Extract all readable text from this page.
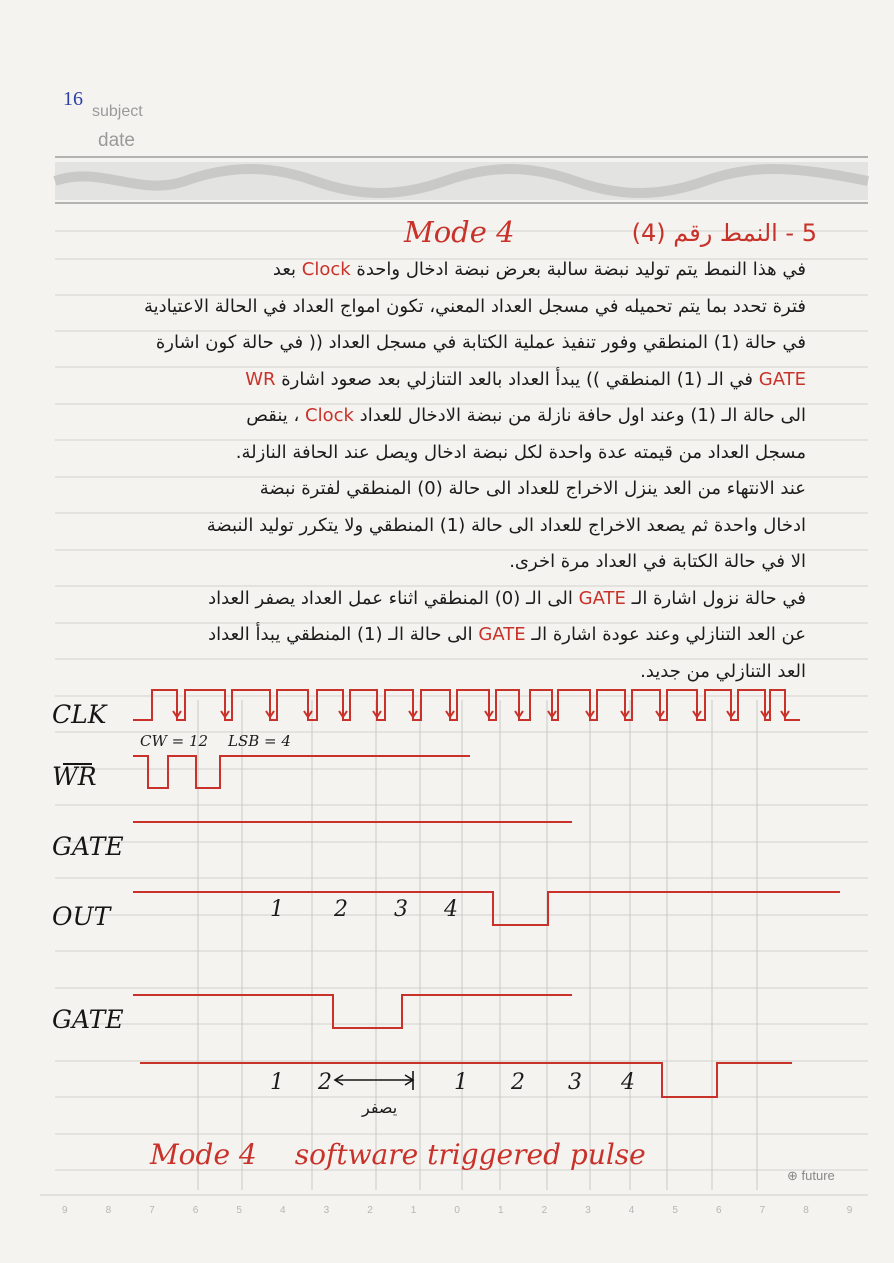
16
subject
date
Mode 4	5 - النمط رقم (4)
في هذا النمط يتم توليد نبضة سالبة بعرض نبضة ادخال واحدة Clock بعد
فترة تحدد بما يتم تحميله في مسجل العداد المعني، تكون امواج العداد في الحالة الاعتيادية
في حالة (1) المنطقي وفور تنفيذ عملية الكتابة في مسجل العداد (( في حالة كون اشارة
GATE في الـ (1) المنطقي )) يبدأ العداد بالعد التنازلي بعد صعود اشارة WR
الى حالة الـ (1) وعند اول حافة نازلة من نبضة الادخال للعداد Clock ، ينقص
مسجل العداد من قيمته عدة واحدة لكل نبضة ادخال ويصل عند الحافة النازلة.
عند الانتهاء من العد ينزل الاخراج للعداد الى حالة (0) المنطقي لفترة نبضة
ادخال واحدة ثم يصعد الاخراج للعداد الى حالة (1) المنطقي ولا يتكرر توليد النبضة
الا في حالة الكتابة في العداد مرة اخرى.
في حالة نزول اشارة الـ GATE الى الـ (0) المنطقي اثناء عمل العداد يصفر العداد
عن العد التنازلي وعند عودة اشارة الـ GATE الى حالة الـ (1) المنطقي يبدأ العداد
العد التنازلي من جديد.
CLK
WR
GATE
OUT
GATE
CW = 12 LSB = 4
1 2 3 4
1 2	1 2 3 4
يصفر
Mode 4 software triggered pulse
⊕ future
9	8	7	6	5	4	3	2	1	0	1	2	3	4	5	6	7	8	9
